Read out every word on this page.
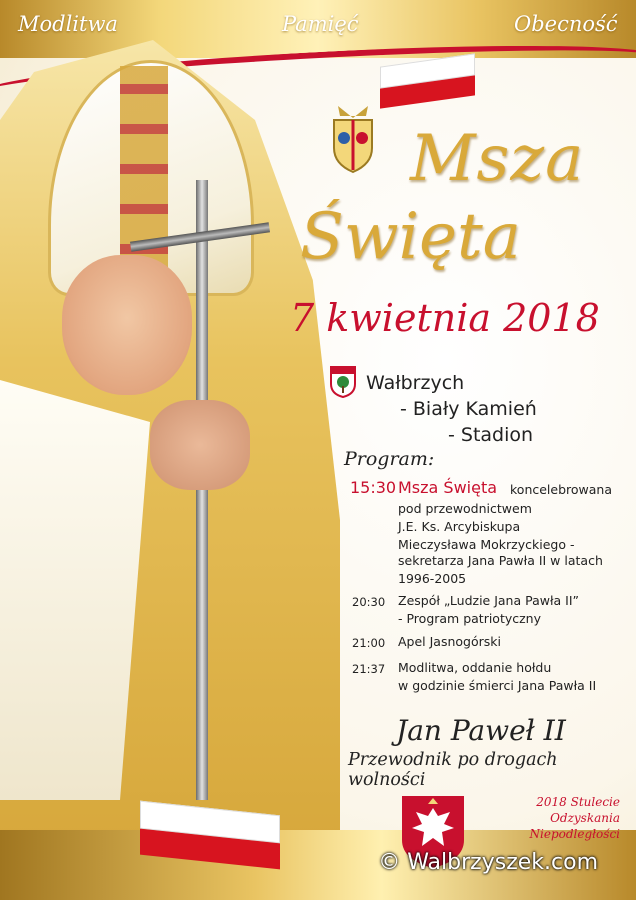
Modlitwa	Pamięć	Obecność
Msza
Święta
7 kwietnia 2018
Wałbrzych
- Biały Kamień
- Stadion
Program:
15:30 Msza Święta koncelebrowana
pod przewodnictwem
J.E. Ks. Arcybiskupa
Mieczysława Mokrzyckiego -
sekretarza Jana Pawła II w latach
1996-2005
20:30 Zespół „Ludzie Jana Pawła II”
- Program patriotyczny
21:00 Apel Jasnogórski
21:37 Modlitwa, oddanie hołdu
w godzinie śmierci Jana Pawła II
Jan Paweł II
Przewodnik po drogach wolności
2018 Stulecie Odzyskania
Niepodległości
© Walbrzyszek.com
